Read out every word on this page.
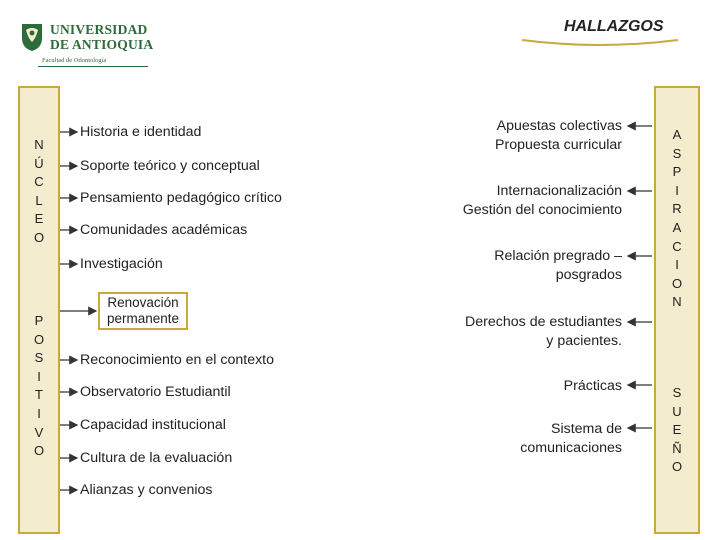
UNIVERSIDAD
DE ANTIOQUIA
Facultad de Odontología
HALLAZGOS
N
Ú
C
L
E
O
P
O
S
I
T
I
V
O
A
S
P
I
R
A
C
I
O
N
S
U
E
Ñ
O
Historia e identidad
Soporte teórico y conceptual
Pensamiento pedagógico crítico
Comunidades académicas
Investigación
Renovación
permanente
Reconocimiento en el contexto
Observatorio Estudiantil
Capacidad institucional
Cultura de la evaluación
Alianzas y convenios
Apuestas colectivas
Propuesta curricular
Internacionalización
Gestión del conocimiento
Relación pregrado –
posgrados
Derechos de estudiantes
y pacientes.
Prácticas
Sistema de
comunicaciones
